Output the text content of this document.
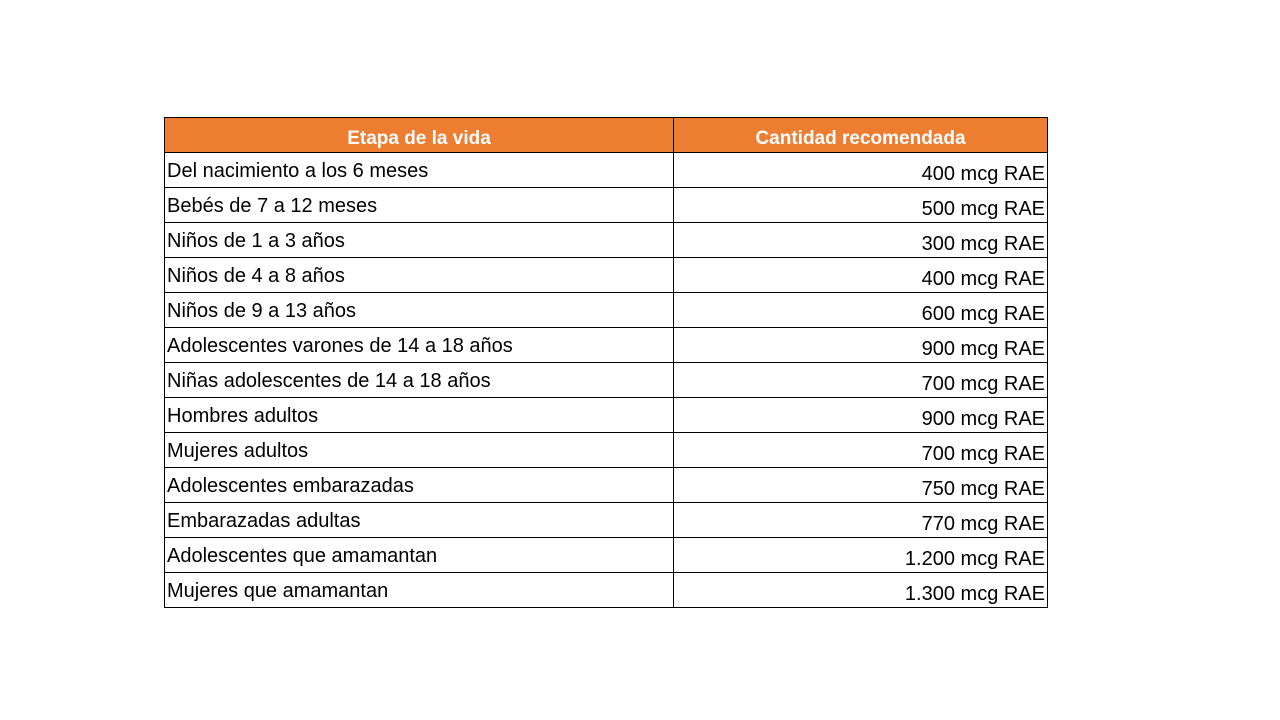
Etapa de la vida	Cantidad recomendada
Del nacimiento a los 6 meses	400 mcg RAE
Bebés de 7 a 12 meses	500 mcg RAE
Niños de 1 a 3 años	300 mcg RAE
Niños de 4 a 8 años	400 mcg RAE
Niños de 9 a 13 años	600 mcg RAE
Adolescentes varones de 14 a 18 años	900 mcg RAE
Niñas adolescentes de 14 a 18 años	700 mcg RAE
Hombres adultos	900 mcg RAE
Mujeres adultos	700 mcg RAE
Adolescentes embarazadas	750 mcg RAE
Embarazadas adultas	770 mcg RAE
Adolescentes que amamantan	1.200 mcg RAE
Mujeres que amamantan	1.300 mcg RAE
